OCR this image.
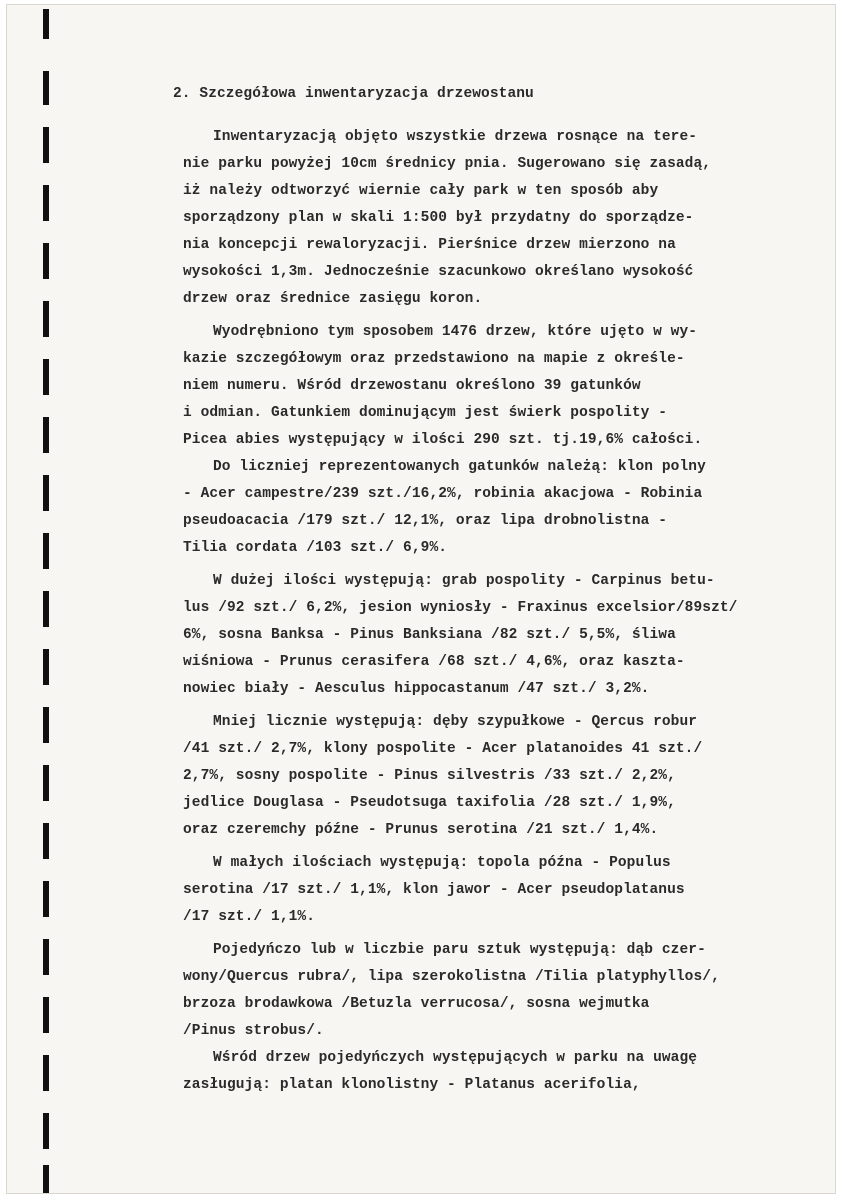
2. Szczegółowa inwentaryzacja drzewostanu
Inwentaryzacją objęto wszystkie drzewa rosnące na tere-
nie parku powyżej 10cm średnicy pnia. Sugerowano się zasadą,
iż należy odtworzyć wiernie cały park w ten sposób aby
sporządzony plan w skali 1:500 był przydatny do sporządze-
nia koncepcji rewaloryzacji. Pierśnice drzew mierzono na
wysokości 1,3m. Jednocześnie szacunkowo określano wysokość
drzew oraz średnice zasięgu koron.
Wyodrębniono tym sposobem 1476 drzew, które ujęto w wy-
kazie szczegółowym oraz przedstawiono na mapie z określe-
niem numeru. Wśród drzewostanu określono 39 gatunków
i odmian. Gatunkiem dominującym jest świerk pospolity -
Picea abies występujący w ilości 290 szt. tj.19,6% całości.
Do liczniej reprezentowanych gatunków należą: klon polny
- Acer campestre/239 szt./16,2%, robinia akacjowa - Robinia
pseudoacacia /179 szt./ 12,1%, oraz lipa drobnolistna -
Tilia cordata /103 szt./ 6,9%.
W dużej ilości występują: grab pospolity - Carpinus betu-
lus /92 szt./ 6,2%, jesion wyniosły - Fraxinus excelsior/89szt/
6%, sosna Banksa - Pinus Banksiana /82 szt./ 5,5%, śliwa
wiśniowa - Prunus cerasifera /68 szt./ 4,6%, oraz kaszta-
nowiec biały - Aesculus hippocastanum /47 szt./ 3,2%.
Mniej licznie występują: dęby szypułkowe - Qercus robur
/41 szt./ 2,7%, klony pospolite - Acer platanoides 41 szt./
2,7%, sosny pospolite - Pinus silvestris /33 szt./ 2,2%,
jedlice Douglasa - Pseudotsuga taxifolia /28 szt./ 1,9%,
oraz czeremchy późne - Prunus serotina /21 szt./ 1,4%.
W małych ilościach występują: topola późna - Populus
serotina /17 szt./ 1,1%, klon jawor - Acer pseudoplatanus
/17 szt./ 1,1%.
Pojedyńczo lub w liczbie paru sztuk występują: dąb czer-
wony/Quercus rubra/, lipa szerokolistna /Tilia platyphyllos/,
brzoza brodawkowa /Betuzla verrucosa/, sosna wejmutka
/Pinus strobus/.
Wśród drzew pojedyńczych występujących w parku na uwagę
zasługują: platan klonolistny - Platanus acerifolia,
